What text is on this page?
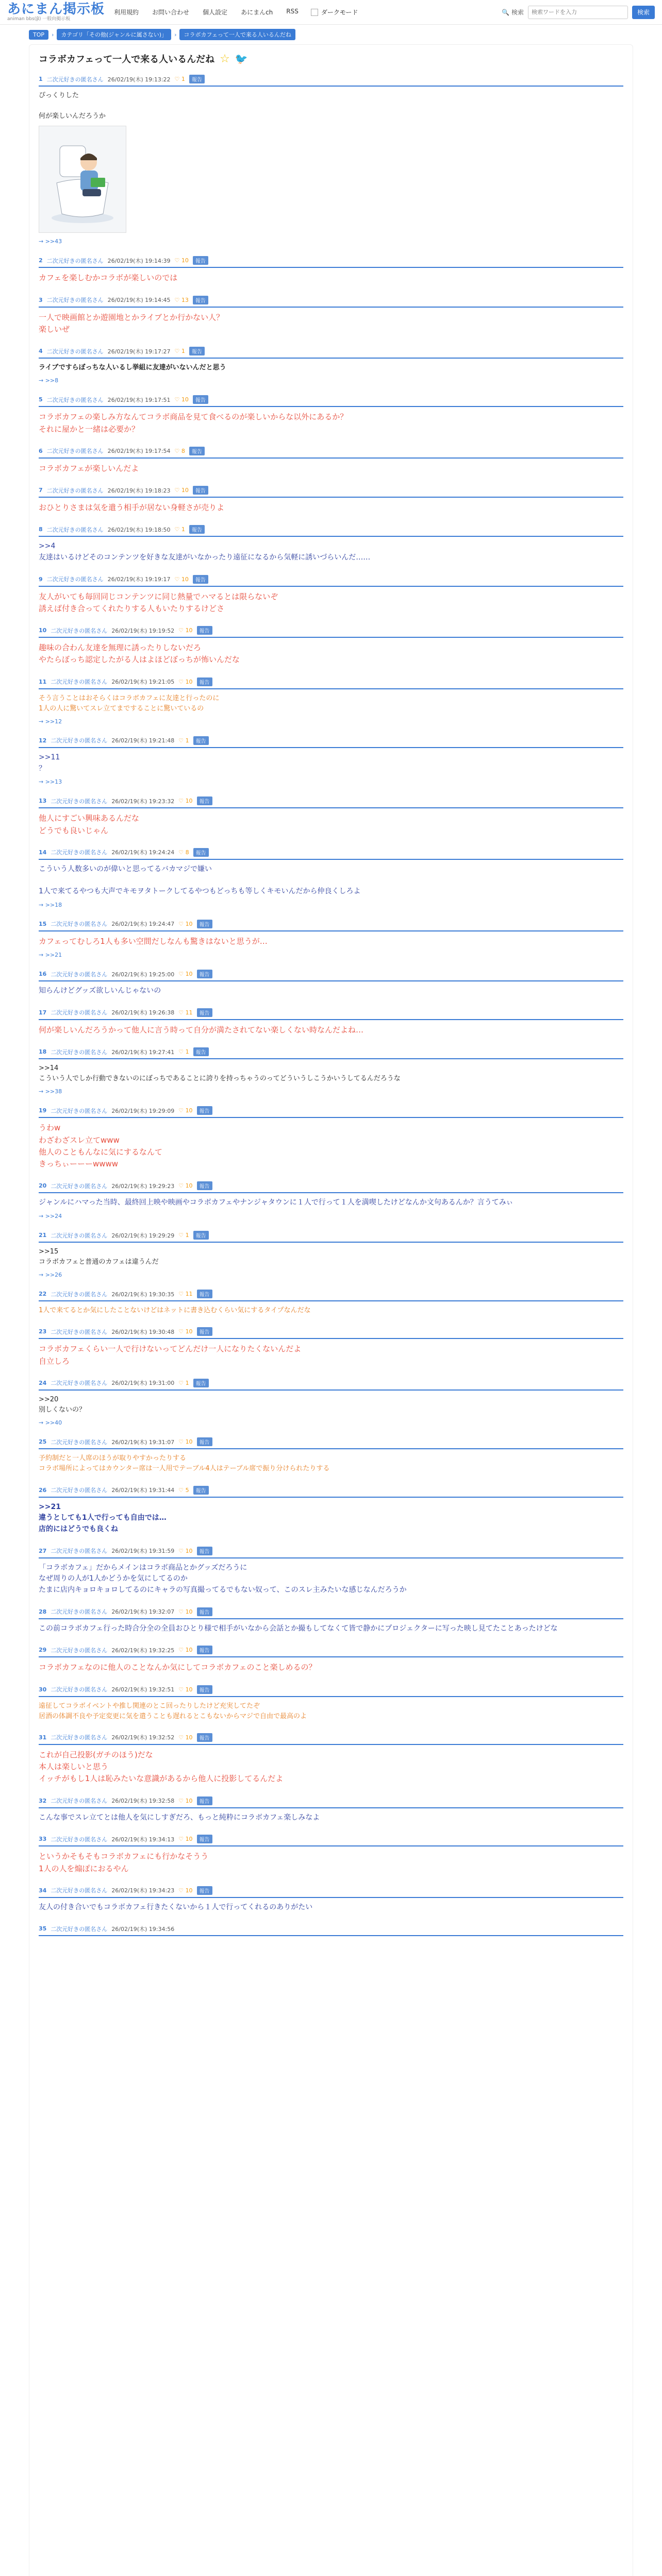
あにまん掲示板
animan bbs(β) 一般向掲示板
利用規約 お問い合わせ 個人設定 あにまんch RSS	ダークモード	🔍 検索
検索ワードを入力	検索
TOP	›	カテゴリ「その他(ジャンルに属さない)」	›	コラボカフェって一人で来る人いるんだね
コラボカフェって一人で来る人いるんだね ☆ 🐦
1 二次元好きの匿名さん 26/02/19(木) 19:13:22 ♡ 1	報告
ぴっくりした

何が楽しいんだろうか
→ >>43
2 二次元好きの匿名さん 26/02/19(木) 19:14:39 ♡ 10	報告
カフェを楽しむかコラボが楽しいのでは
3 二次元好きの匿名さん 26/02/19(木) 19:14:45 ♡ 13	報告
一人で映画館とか遊園地とかライブとか行かない人？
楽しいぜ
4 二次元好きの匿名さん 26/02/19(木) 19:17:27 ♡ 1	報告
ライブですらぼっちな人いるし挙組に友達がいないんだと思う
→ >>8
5 二次元好きの匿名さん 26/02/19(木) 19:17:51 ♡ 10	報告
コラボカフェの楽しみ方なんてコラボ商品を見て食べるのが楽しいからな以外にあるか？
それに屋かと一緒は必要か？
6 二次元好きの匿名さん 26/02/19(木) 19:17:54 ♡ 8	報告
コラボカフェが楽しいんだよ
7 二次元好きの匿名さん 26/02/19(木) 19:18:23 ♡ 10	報告
おひとりさまは気を遣う相手が居ない身軽さが売りよ
8 二次元好きの匿名さん 26/02/19(木) 19:18:50 ♡ 1	報告
>>4
友達はいるけどそのコンテンツを好きな友達がいなかったり遠征になるから気軽に誘いづらいんだ……
9 二次元好きの匿名さん 26/02/19(木) 19:19:17 ♡ 10	報告
友人がいても毎回同じコンテンツに同じ熱量でハマるとは限らないぞ
誘えば付き合ってくれたりする人もいたりするけどさ
10 二次元好きの匿名さん 26/02/19(木) 19:19:52 ♡ 10	報告
趣味の合わん友達を無理に誘ったりしないだろ
やたらぼっち認定したがる人はよほどぼっちが怖いんだな
11 二次元好きの匿名さん 26/02/19(木) 19:21:05 ♡ 10	報告
そう言うことはおそらくはコラボカフェに友達と行ったのに
1人の人に驚いてスレ立てまですることに驚いているの
→ >>12
12 二次元好きの匿名さん 26/02/19(木) 19:21:48 ♡ 1	報告
>>11
？
→ >>13
13 二次元好きの匿名さん 26/02/19(木) 19:23:32 ♡ 10	報告
他人にすごい興味あるんだな
どうでも良いじゃん
14 二次元好きの匿名さん 26/02/19(木) 19:24:24 ♡ 8	報告
こういう人数多いのが偉いと思ってるバカマジで嫌い

1人で来てるやつも大声でキモヲタトークしてるやつもどっちも等しくキモいんだから仲良くしろよ
→ >>18
15 二次元好きの匿名さん 26/02/19(木) 19:24:47 ♡ 10	報告
カフェってむしろ1人も多い空間だしなんも驚きはないと思うが…
→ >>21
16 二次元好きの匿名さん 26/02/19(木) 19:25:00 ♡ 10	報告
知らんけどグッズ欲しいんじゃないの
17 二次元好きの匿名さん 26/02/19(木) 19:26:38 ♡ 11	報告
何が楽しいんだろうかって他人に言う時って自分が満たされてない楽しくない時なんだよね…
18 二次元好きの匿名さん 26/02/19(木) 19:27:41 ♡ 1	報告
>>14
こういう人でしか行動できないのにぼっちであることに誇りを持っちゃうのってどういうしこうかいうしてるんだろうな
→ >>38
19 二次元好きの匿名さん 26/02/19(木) 19:29:09 ♡ 10	報告
うわw
わざわざスレ立てwww
他人のこともんなに気にするなんて
きっちぃーーーwwww
20 二次元好きの匿名さん 26/02/19(木) 19:29:23 ♡ 10	報告
ジャンルにハマった当時、最終回上映や映画やコラボカフェやナンジャタウンに１人で行って１人を満喫したけどなんか文句あるんか？言うてみぃ
→ >>24
21 二次元好きの匿名さん 26/02/19(木) 19:29:29 ♡ 1	報告
>>15
コラボカフェと普通のカフェは違うんだ
→ >>26
22 二次元好きの匿名さん 26/02/19(木) 19:30:35 ♡ 11	報告
1人で来てるとか気にしたことないけどはネットに書き込むくらい気にするタイプなんだな
23 二次元好きの匿名さん 26/02/19(木) 19:30:48 ♡ 10	報告
コラボカフェくらい一人で行けないってどんだけ一人になりたくないんだよ
自立しろ
24 二次元好きの匿名さん 26/02/19(木) 19:31:00 ♡ 1	報告
>>20
別しくないの？
→ >>40
25 二次元好きの匿名さん 26/02/19(木) 19:31:07 ♡ 10	報告
予約制だと一人席のほうが取りやすかったりする
コラボ場所によってはカウンター席は一人用でテーブル4人はテーブル席で振り分けられたりする
26 二次元好きの匿名さん 26/02/19(木) 19:31:44 ♡ 5	報告
>>21
違うとしても1人で行っても自由では…
店的にはどうでも良くね
27 二次元好きの匿名さん 26/02/19(木) 19:31:59 ♡ 10	報告
「コラボカフェ」だからメインはコラボ商品とかグッズだろうに
なぜ周りの人が1人かどうかを気にしてるのか
たまに店内キョロキョロしてるのにキャラの写真撮ってるでもない奴って、このスレ主みたいな感じなんだろうか
28 二次元好きの匿名さん 26/02/19(木) 19:32:07 ♡ 10	報告
この前コラボカフェ行った時合分全の全員おひとり様で相手がいなから会話とか撮もしてなくて皆で静かにプロジェクターに写った映し見てたことあったけどな
29 二次元好きの匿名さん 26/02/19(木) 19:32:25 ♡ 10	報告
コラボカフェなのに他人のことなんか気にしてコラボカフェのこと楽しめるの？
30 二次元好きの匿名さん 26/02/19(木) 19:32:51 ♡ 10	報告
遠征してコラボイベントや推し関連のとこ回ったりしたけど充実してたぞ
居酒の体調不良や予定変更に気を遣うことも遅れるとこもないからマジで自由で最高のよ
31 二次元好きの匿名さん 26/02/19(木) 19:32:52 ♡ 10	報告
これが自己投影(ガチのほう)だな
本人は楽しいと思う
イッチがもし1人は恥みたいな意識があるから他人に投影してるんだよ
32 二次元好きの匿名さん 26/02/19(木) 19:32:58 ♡ 10	報告
こんな事でスレ立てとは他人を気にしすぎだろ、もっと純粋にコラボカフェ楽しみなよ
33 二次元好きの匿名さん 26/02/19(木) 19:34:13 ♡ 10	報告
というかそもそもコラボカフェにも行かなそうう
1人の人を煽ぽにおるやん
34 二次元好きの匿名さん 26/02/19(木) 19:34:23 ♡ 10	報告
友人の付き合いでもコラボカフェ行きたくないから１人で行ってくれるのありがたい
35 二次元好きの匿名さん 26/02/19(木) 19:34:56
